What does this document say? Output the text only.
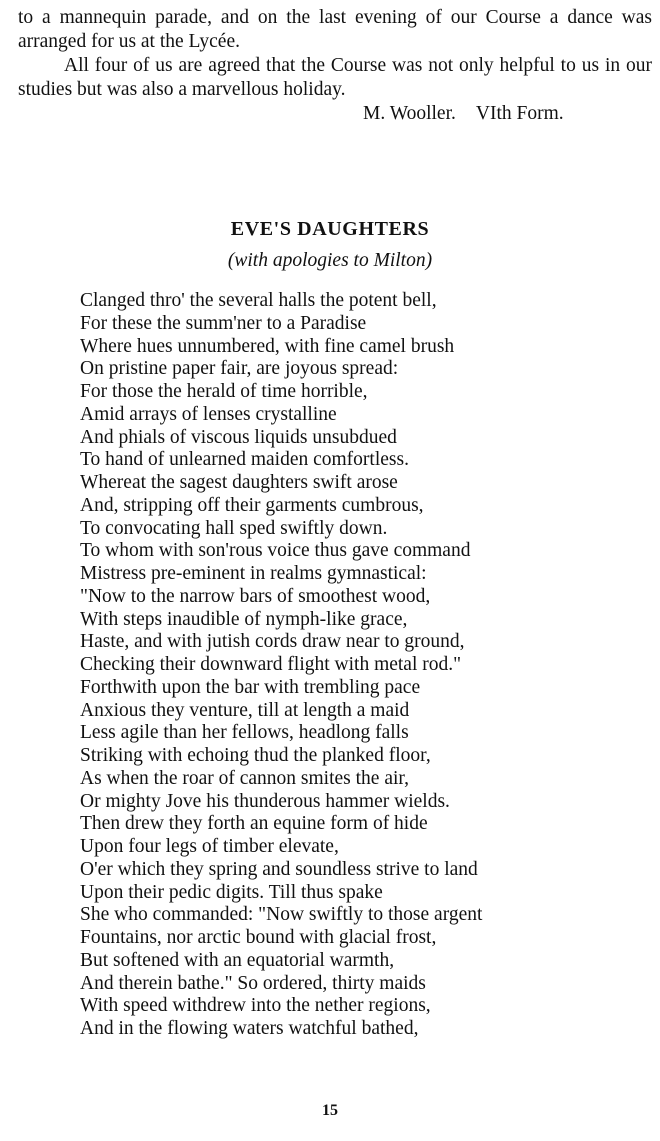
to a mannequin parade, and on the last evening of our Course a dance was arranged for us at the Lycée.

All four of us are agreed that the Course was not only helpful to us in our studies but was also a marvellous holiday.

M. Wooller. VIth Form.
EVE'S DAUGHTERS
(with apologies to Milton)
Clanged thro' the several halls the potent bell,
For these the summ'ner to a Paradise
Where hues unnumbered, with fine camel brush
On pristine paper fair, are joyous spread:
For those the herald of time horrible,
Amid arrays of lenses crystalline
And phials of viscous liquids unsubdued
To hand of unlearned maiden comfortless.
Whereat the sagest daughters swift arose
And, stripping off their garments cumbrous,
To convocating hall sped swiftly down.
To whom with son'rous voice thus gave command
Mistress pre-eminent in realms gymnastical:
"Now to the narrow bars of smoothest wood,
With steps inaudible of nymph-like grace,
Haste, and with jutish cords draw near to ground,
Checking their downward flight with metal rod."
Forthwith upon the bar with trembling pace
Anxious they venture, till at length a maid
Less agile than her fellows, headlong falls
Striking with echoing thud the planked floor,
As when the roar of cannon smites the air,
Or mighty Jove his thunderous hammer wields.
Then drew they forth an equine form of hide
Upon four legs of timber elevate,
O'er which they spring and soundless strive to land
Upon their pedic digits. Till thus spake
She who commanded: "Now swiftly to those argent
Fountains, nor arctic bound with glacial frost,
But softened with an equatorial warmth,
And therein bathe." So ordered, thirty maids
With speed withdrew into the nether regions,
And in the flowing waters watchful bathed,
15
